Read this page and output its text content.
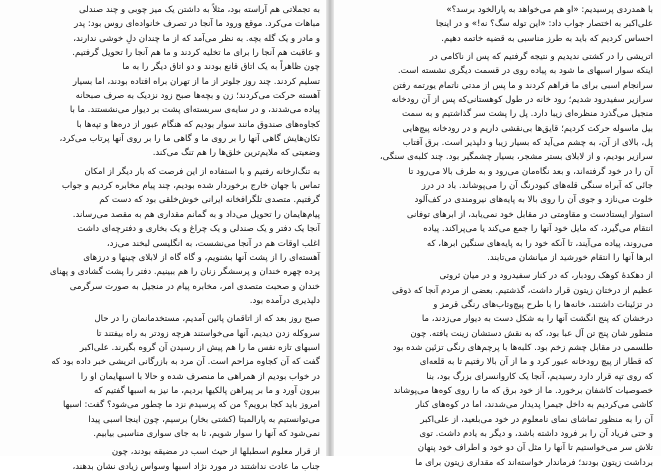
به تجملاتی هم آراسته بود، مثلاً به داشتن یک میز چوبی و چند صندلی
مباهات می‌کرد. موقع ورود ما آنجا در تصرف خانواده‌ای روس بود: پدر
و مادر و یک گله بچه. به نظر می‌آمد که از ما چندان دلِ خوشی ندارند،
و عاقبت هم آنجا را برای ما تخلیه کردند و ما هم آنجا را تحویل گرفتیم.
چون ظاهراً به یک اتاق قانع بودند و دو اتاق دیگر را به ما
تسلیم کردند. چند روز جلوتر از ما از تهران براه افتاده بودند، اما بسیار
آهسته حرکت می‌کردند؛ زن و بچه‌ها صبح زود نزدیک به صرف صبحانه
پیاده می‌شدند، و در سایه‌ی سربسته‌ای پشت بر دیوار می‌نشستند. ما با
کجاوه‌های صندوق مانند سوار بودیم که هنگام عبور از دره‌ها و تپه‌ها با
تکان‌هایش گاهی آنها را بر روی ما و گاهی ما را بر روی آنها پرتاب می‌کرد،
وضعیتی که ملایم‌ترین خلق‌ها را هم تنگ می‌کند.
به تنگ‌ارخانه رفتیم و با استفاده از این فرصت که بار دیگر از امکان
تماس با جهان خارج برخوردار شده بودیم، چند پیام مخابره کردیم و جواب
گرفتیم. متصدی تلگرافخانه ایرانی خوش‌خلقی بود که دست کم
پیام‌هایمان را تحویل می‌داد و به گمانم مقداری هم به مقصد می‌رساند.
آنجا یک دفتر و یک صندلی و یک چراغ و یک بخاری و دفترچه‌ای داشت
اغلب اوقات هم در آنجا می‌نشست، به انگلیسی لبخند می‌زد،
آهسته‌ای را از پشت آنها بشنویم، و گاه گاه از لابلای چینها و درزهای
پرده چهره خندان و پرسشگر زنان را هم ببینیم. دفتر را پشت گشادی و پهنای
خندان و صحبت متصدی امر، مخابره پیام در منجیل به صورت سرگرمی
دلپذیری درآمده بود.
صبح روز بعد که از اتاقمان پائین آمدیم، مستخدمانمان را در حال
سروکله زدن دیدیم، آنها می‌خواستند هرچه زودتر به راه بیفتند تا
اسبهای تازه نفس ما را هم پیش از رسیدن آن گروه بگیرند. علی‌اکبر
گفت که آن کجاوه مزاحم است. آن مرد به بازرگانی اتریشی خبر داده بود که
در خواب بودیم از همراهی ما منصرف شده و حالا با اسبهایمان او را
بیرون آورد و ما بر پیراهن پالکیها بردیم، ما نیز به اسبها گفتیم که
امروز باید کجا برویم؟ من که پرسیدم نزد ما چطور می‌شود؟ گفت: اسبها
می‌توانستیم به پارالمیتا (کشتی بخار) برسیم، چون اینجا اسبی پیدا
نمی‌شود که آنها را سوار شویم، تا به جای سواری مناسبی بیابیم.
از قرار معلوم اسطبلها از حیث اسب در مضیقه بودند، چون
جناب ما عادت نداشتند در مورد نژاد اسبها وسواس زیادی نشان بدهند،
با همدردی پرسیدیم: «او هم می‌خواهد به پارالخود برسد؟»
علی‌اکبر به اختصار جواب داد: «این توله سگ؟ نه!» و در اینجا
احساس کردیم که باید به طرز مناسبی به قضیه خاتمه دهیم.
اتریشی را در کشتی ندیدیم و نتیجه گرفتیم که پس از ناکامی در
اینکه سوار اسبهای ما شود به پیاده روی در قسمت دیگری نشسته است.
سرانجام اسبی برای ما فراهم کردند و ما پس از مدتی ناتمام یورتمه رفتن
سرازیر سفیدرود شدیم؛ رود خانه در طول کوهستانی‌که پس از آن رودخانه
منجیل می‌گذرد منظره‌ای زیبا دارد. پل را پشت سر گذاشتیم و به سمت
بیل ماسوله حرکت کردیم؛ قایق‌ها بی‌نقشی داریم و در رودخانه پیچ‌هایی
پل، بالای از آن، به چشم می‌آید که بسیار زیبا و دلپذیر است. برق آفتاب
سرازیر بودیم، و از لابلای بستر مشجر، بسیار چشمگیر بود. چند کلبه‌ی سنگی،
آن را در خود گرفته‌اند، و بعد نگاه‌مان می‌رود و به طرف بالا می‌رود تا
جائی که آبراه سنگی قله‌های کبودرنگ آن را می‌پوشاند. باد در درز
خلوت می‌نازد و جوی آن را روی بالا به پایه‌های نیرومندی در کف‌آلود
استوار ایستادست و مقاومتی در مقابل خود نمی‌یابد، از ابرهای توفانی
انتقام می‌گیرد، که مایل خود آنها را جمع می‌کند یا می‌پراکند. پیاده
می‌روند، پیاده می‌آیند، تا آنکه خود را به پایه‌های سنگین ابرها، که
ابرها آنها را انتقام خورشید از میانشان می‌تابند.
از دهکدهٔ کوهک رودبار، که در کنار سفیدرود و در میان ثروتی
عظیم از درختان زیتون قرار داشت، گذشتیم. بعضی از مردم آنجا که ذوقی
در تزئینات داشتند، خانه‌ها را با طرح پیچ‌وتاب‌های رنگی قرمز و
درخشان که پنج انگشت آنها را به شکل دست به دیوار می‌زدند، ما
منظور شان پنج تن آل عبا بود، که به نقش دستشان زینت یافته. چون
طلسمی در مقابل چشم زخم بود. کلبه‌ها با پرچم‌های رنگی تزئین شده بود
که قطار از پیچ رودخانه عبور کرد و ما از آن بالا رفتیم تا به قلعه‌ای
که روی تپه قرار دارد رسیدیم، آنجا یک کاروانسرای بزرگ بود، بنا
خصوصیات کاشفان برخورد. ما از خود برق که ما را روی کوه‌ها می‌پوشاند
کاشی می‌کردیم به داخل جیمرا پدیدار می‌شدند، اما در کوه‌های کنار
آن را به منظور تماشای نمای نامعلوم در خود می‌بلعید، از علی‌اکبر
و حتی فریاد آن را بر فرود داشته باشد، و دیگر به یادم داشت. توی
تلاش سر می‌خواستیم تا آنها را مثل آن دو خود و اطراف خود پنهان
برداشت زیتون بودند؛ فرماندار خواسته‌اند که مقداری زیتون برای ما
